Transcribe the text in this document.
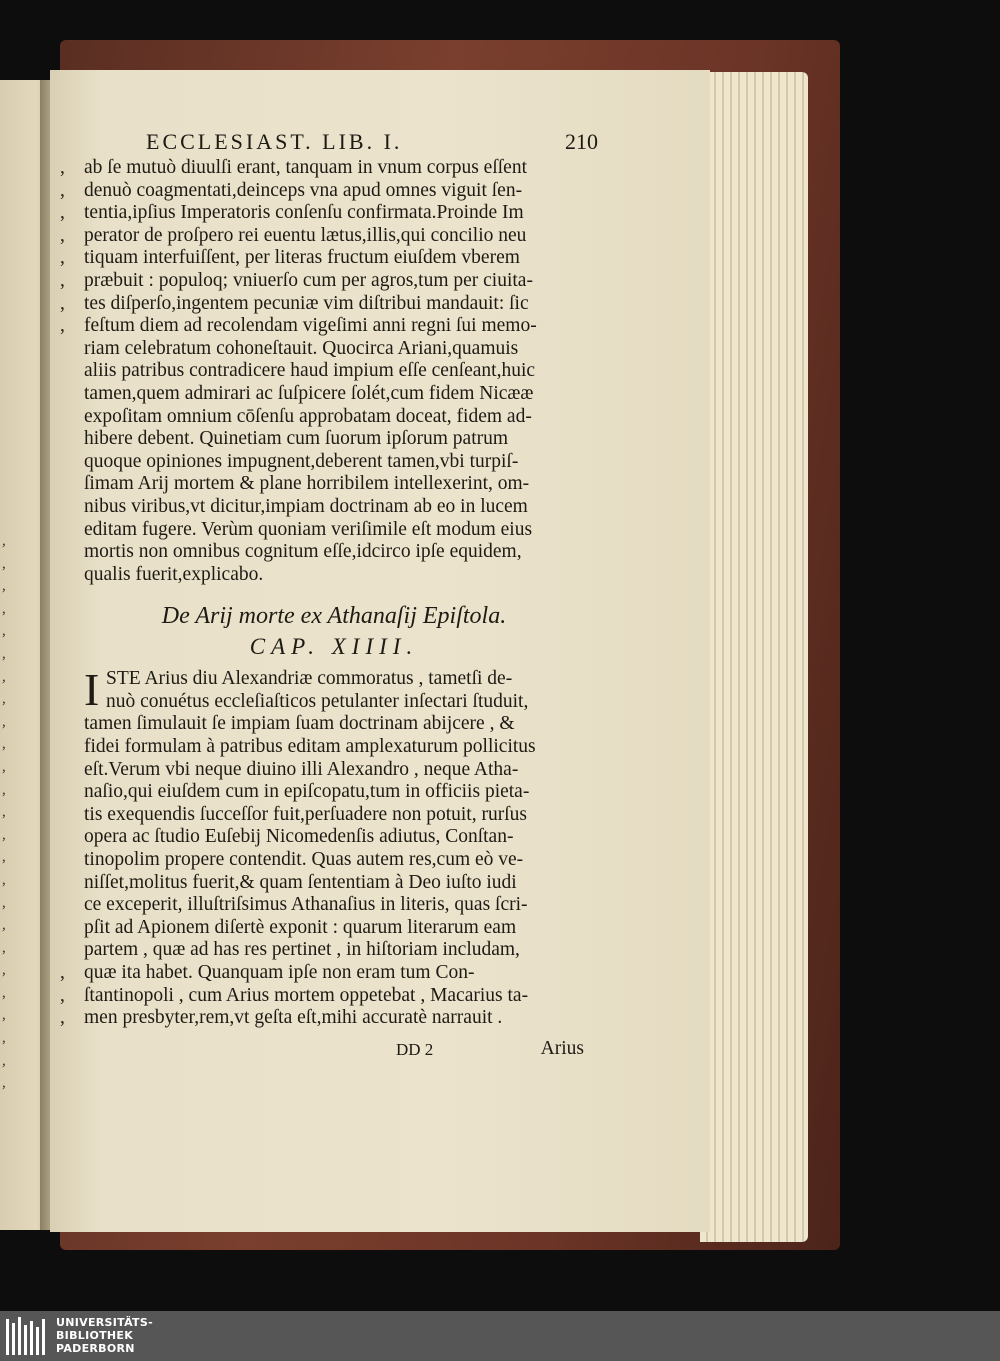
,
,
,
,
,
,
,
,
,
,
,
,
,
,
,
,
,
,
,
,
,
,
,
,
,
ECCLESIAST. LIB. I.	210
, ab ſe mutuò diuulſi erant, tanquam in vnum corpus eſſent
, denuò coagmentati,deinceps vna apud omnes viguit ſen-
, tentia,ipſius Imperatoris conſenſu confirmata.Proinde Im
, perator de proſpero rei euentu lætus,illis,qui concilio neu
, tiquam interfuiſſent, per literas fructum eiuſdem vberem
, præbuit : populoq; vniuerſo cum per agros,tum per ciuita-
, tes diſperſo,ingentem pecuniæ vim diſtribui mandauit: ſic
, feſtum diem ad recolendam vigeſimi anni regni ſui memo-
riam celebratum cohoneſtauit. Quocirca Ariani,quamuis
aliis patribus contradicere haud impium eſſe cenſeant,huic
tamen,quem admirari ac ſuſpicere ſolét,cum fidem Nicææ
expoſitam omnium cōſenſu approbatam doceat, fidem ad-
hibere debent. Quinetiam cum ſuorum ipſorum patrum
quoque opiniones impugnent,deberent tamen,vbi turpiſ-
ſimam Arij mortem & plane horribilem intellexerint, om-
nibus viribus,vt dicitur,impiam doctrinam ab eo in lucem
editam fugere. Verùm quoniam veriſimile eſt modum eius
mortis non omnibus cognitum eſſe,idcirco ipſe equidem,
qualis fuerit,explicabo.
De Arij morte ex Athanaſij Epiſtola.
CAP. XIIII.
I STE Arius diu Alexandriæ commoratus , tametſi de-
nuò conuétus eccleſiaſticos petulanter inſectari ſtuduit,
tamen ſimulauit ſe impiam ſuam doctrinam abijcere , &
fidei formulam à patribus editam amplexaturum pollicitus
eſt.Verum vbi neque diuino illi Alexandro , neque Atha-
naſio,qui eiuſdem cum in epiſcopatu,tum in officiis pieta-
tis exequendis ſucceſſor fuit,perſuadere non potuit, rurſus
opera ac ſtudio Euſebij Nicomedenſis adiutus, Conſtan-
tinopolim propere contendit. Quas autem res,cum eò ve-
niſſet,molitus fuerit,& quam ſententiam à Deo iuſto iudi
ce exceperit, illuſtriſsimus Athanaſius in literis, quas ſcri-
pſit ad Apionem diſertè exponit : quarum literarum eam
partem , quæ ad has res pertinet , in hiſtoriam includam,
, quæ ita habet. Quanquam ipſe non eram tum Con-
, ſtantinopoli , cum Arius mortem oppetebat , Macarius ta-
, men presbyter,rem,vt geſta eſt,mihi accuratè narrauit .
DD 2	Arius
UNIVERSITÄTS-
BIBLIOTHEK
PADERBORN
